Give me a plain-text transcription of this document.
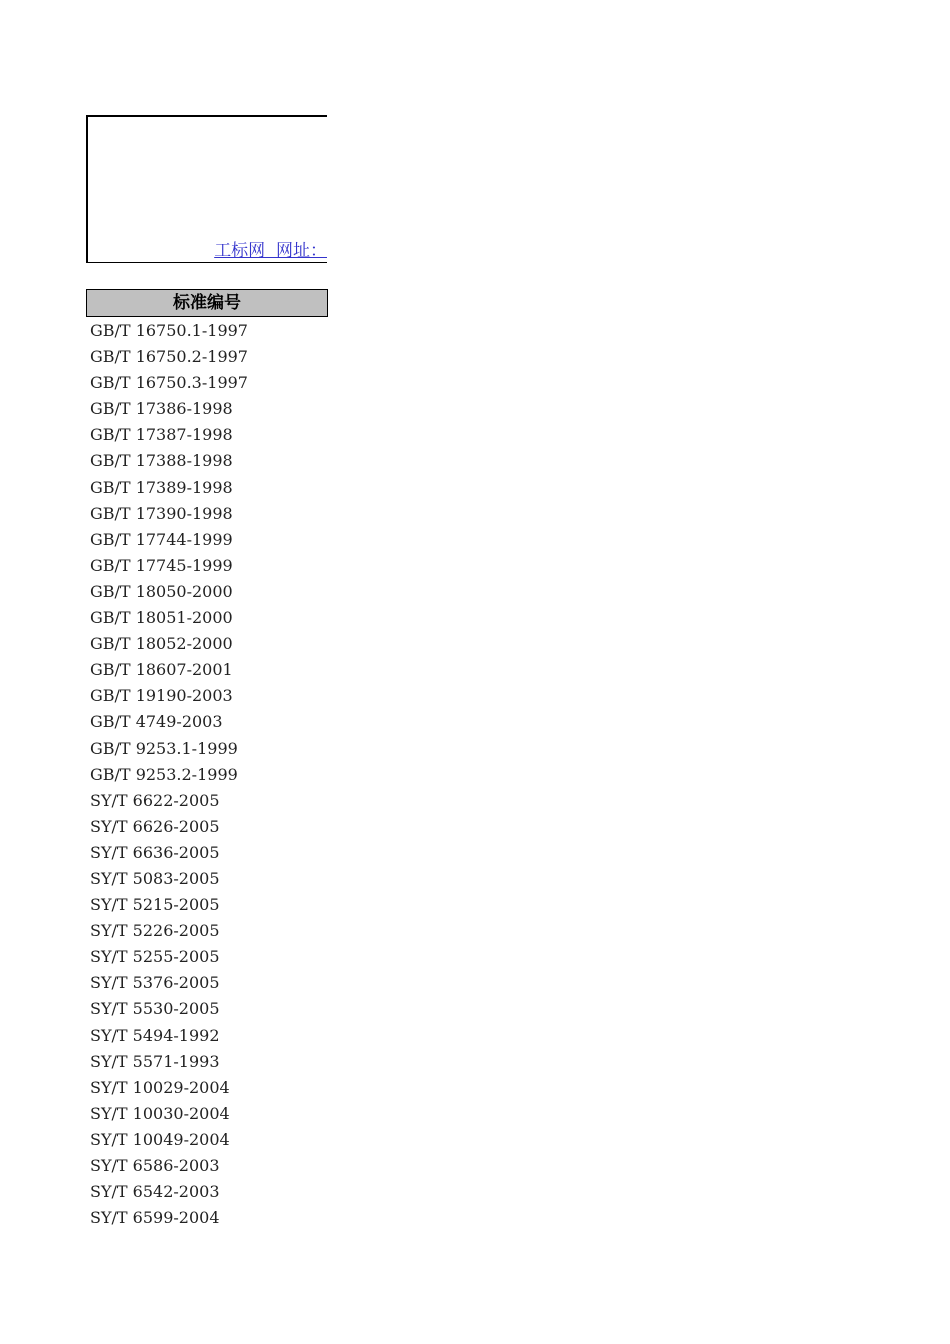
工标网  网址：
标准编号
GB/T 16750.1-1997
GB/T 16750.2-1997
GB/T 16750.3-1997
GB/T 17386-1998
GB/T 17387-1998
GB/T 17388-1998
GB/T 17389-1998
GB/T 17390-1998
GB/T 17744-1999
GB/T 17745-1999
GB/T 18050-2000
GB/T 18051-2000
GB/T 18052-2000
GB/T 18607-2001
GB/T 19190-2003
GB/T 4749-2003
GB/T 9253.1-1999
GB/T 9253.2-1999
SY/T 6622-2005
SY/T 6626-2005
SY/T 6636-2005
SY/T 5083-2005
SY/T 5215-2005
SY/T 5226-2005
SY/T 5255-2005
SY/T 5376-2005
SY/T 5530-2005
SY/T 5494-1992
SY/T 5571-1993
SY/T 10029-2004
SY/T 10030-2004
SY/T 10049-2004
SY/T 6586-2003
SY/T 6542-2003
SY/T 6599-2004
